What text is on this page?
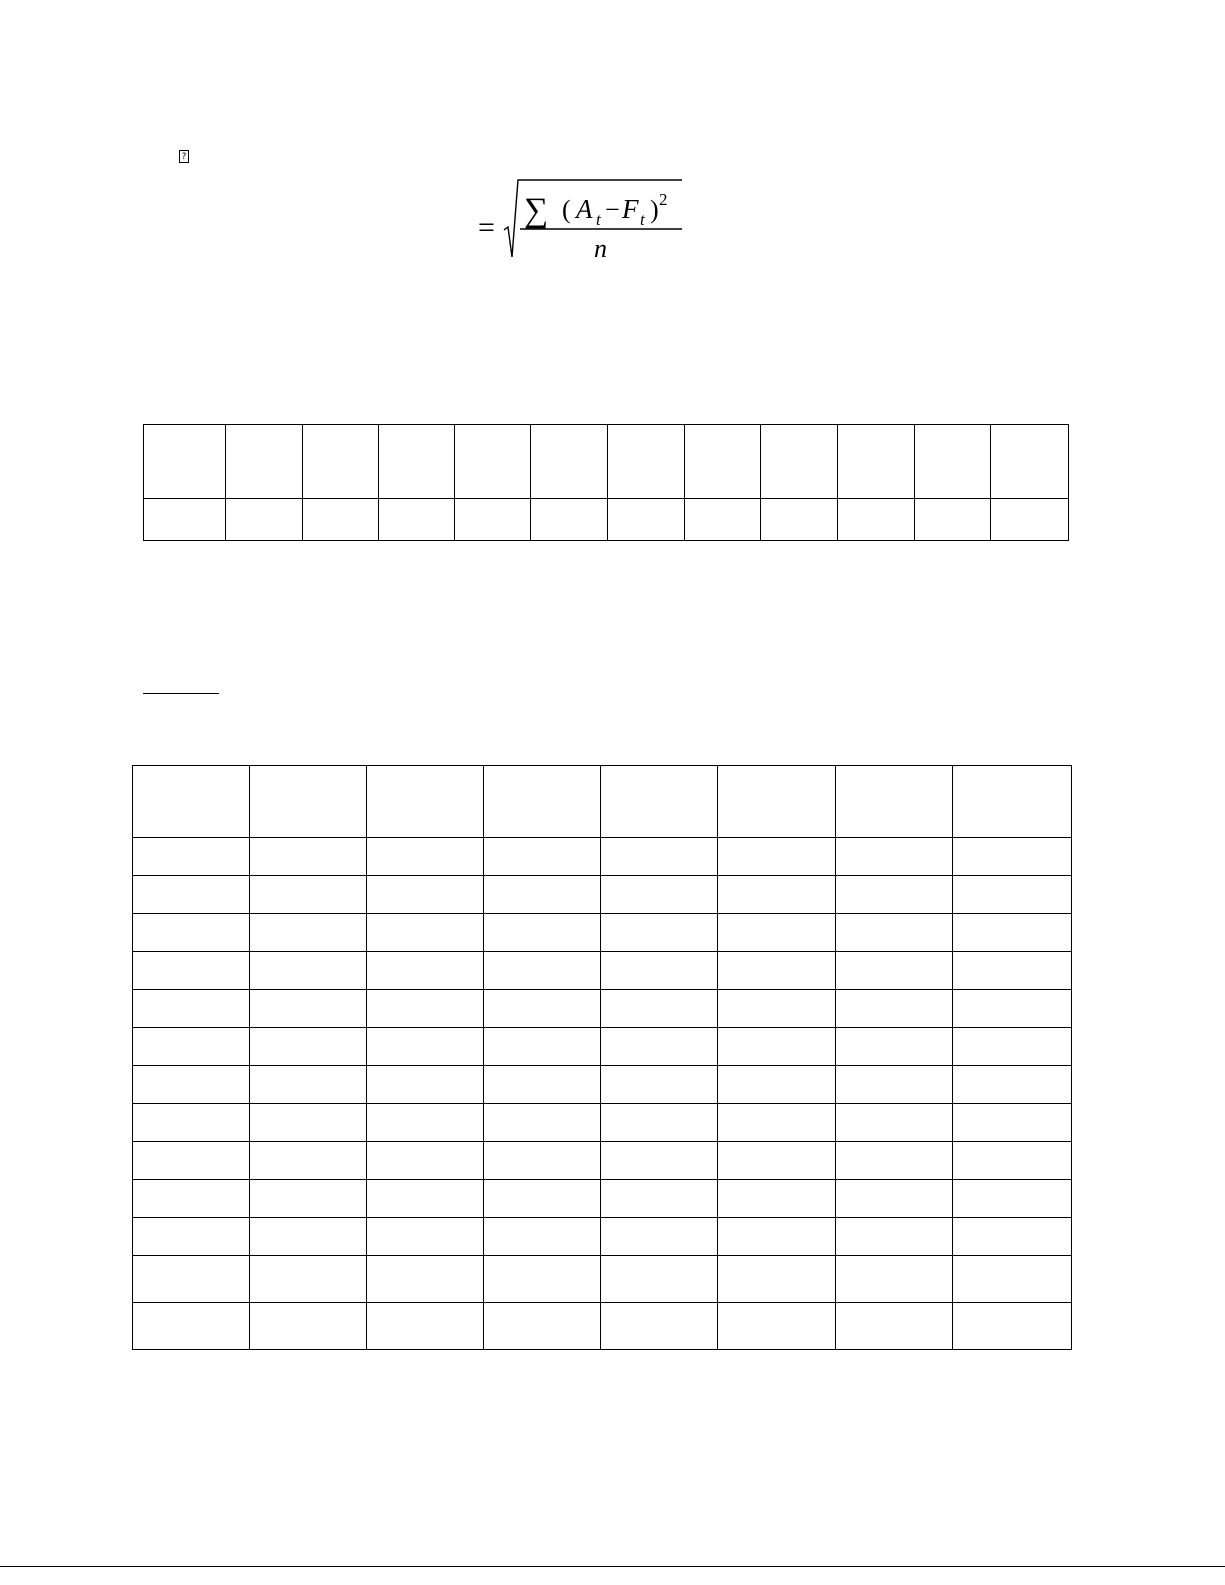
?
= ∑ ( A t − F t ) 2
n
